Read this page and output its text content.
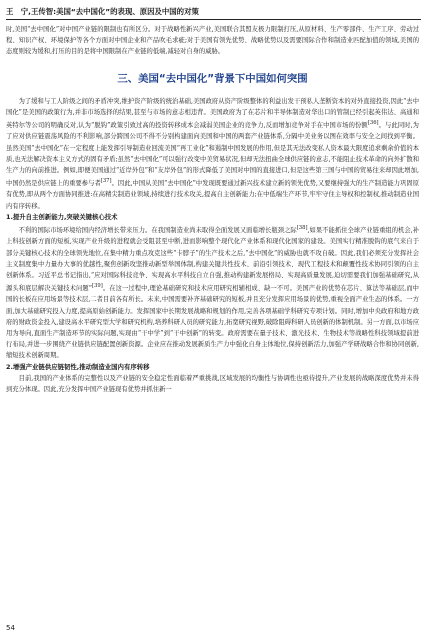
王　宁,王传智:美国“去中国化”的表现、原因及中国的对策

时,美国“去中国化”对中国产业链的限制也有所区分。对于战略性新兴产业,美国联合其盟友极力限制打压,从原材料、生产零部件、生产工序、劳动过程、知识产权、环境保护等各个方面对中国企业和产品吹毛求疵;对于美国有领先优势、战略优势以及需要国际合作和制造业匹配加值的领域,美国的态度则较为缓和,打压的目的是将中国限制在产业链的低端,减轻对自身的威胁。

三、美国“去中国化”背景下中国如何突围

为了缓和与工人阶级之间的矛盾冲突,维护资产阶级的统治基础,美国政府从资产阶级整体的利益出发干预私人垄断资本的对外直接投资,因此“去中国化”是美国的政策行为,并非市场选择的结果,甚至与市场的意志相违背。美国政府为了在芯片和半导体制造对华出口的管制已经引起英伟达、高通和英特尔等公司的明确反对,认为“脱钩”政策引致过高的投资转移成本会减弱美国企业的竞争力,反而增加竞争对手在中国市场的份额[36]。与此同时,为了应对供应链震荡风险的不利影响,部分跨国公司不得不分别构建面向美国和中国的两套产业链体系,分隔中美业务以图在效率与安全之间找到平衡。虽然美国“去中国化”在一定程度上能发挥引导制造业回流美国“再工业化”和遏制中国发展的作用,但是其无法改变私人资本最大限度追求剩余价值的本质,也无法解决资本主义方式的固有矛盾;虽然“去中国化”可以强行改变中美贸易状况,但却无法扭曲全球供应链的意志,不能阻止技术革命的向外扩散和生产力的向前推进。例如,即便美国通过“近岸外包”和“友岸外包”的形式降低了美国对中国的直接进口,但是这些第三国与中国的贸易往来却因此增加,中国仍然是供应链上的重要参与者[37]。因此,中国从美国“去中国化”中发现既要通过新兴技术建立新的领先优势,又要继持强大的生产制造能力巩固原有优势,即从两个方面协同推进:在高精尖制造业领域,持续进行技术攻关,提高自主创新能力;在中低端生产环节,牢牢守住主导权和控制权,推动制造业国内有序转移。

1.提升自主创新能力,突破关键核心技术

不利的国际市场环境给国内经济增长带来压力。在我国制造业尚未取得全面发展又面临增长瓶颈之际[38],如果不能抓住全球产业链重组的机会,补上科技创新方面的短板,实现产业升级的进程就会受阻甚至中断,进而影响整个现代化产业体系和现代化国家的建设。美国实行精准脱钩的底气来自于部分关键核心技术的全球领先地位,在集中精力重点攻克这些“卡脖子”的生产技术之后,“去中国化”的威胁也就不攻自破。因此,我们必须充分发挥社会主义制度集中力量办大事的优越性,聚焦创新攻坚推动新型举国体制,构建关键共性技术、前沿引领技术、现代工程技术和颠覆性技术协同引领的自主创新体系。习近平总书记指出,“应对国际科技竞争、实现高水平科技自立自强,推动构建新发展格局、实现高质量发展,迫切需要我们加强基础研究,从源头和底层解决关键技术问题”[39]。在这一过程中,理论基础研究和技术应用研究相辅相成、缺一不可。美国产业的优势在芯片、算法等基础层,而中国的长板在应用场景等技术层,二者目前各有所长。未来,中国需要补齐基础研究的短板,并且充分发挥应用场景的优势,重视全面产业生态的体系。一方面,加大基础研究投入力度,提高原始创新能力。发挥国家中长期发展战略和规划的作用,完善各项基础学科研究专项计划。同时,增加中央政府和地方政府的财政资金投入,建设高水平研究型大学和研究机构,培养科研人员的研究能力,拓宽研究视野,破除阻碍科研人员创新的体制机制。另一方面,以市场应用为导向,直面生产制造环节的实际问题,实现由“干中学”到“干中创新”的转变。政府需要在量子技术、激光技术、生物技术等战略性科技领域提前进行布局,并进一步围绕产业链供应链配置创新资源。企业应在推动发展新质生产力中强化自身主体地位,保持创新活力,加强产学研战略合作和协同创新,缩短技术创新周期。

2.增强产业链供应链韧性,推动制造业国内有序转移

目前,我国的产业体系的完整性以及产业链的安全稳定性面临着严重挑战,区域发展的均衡性与协调性也亟待提升,产业发展的战略深度优势并未得到充分体现。因此,充分发挥中国产业链现有优势并抓住新一

54
